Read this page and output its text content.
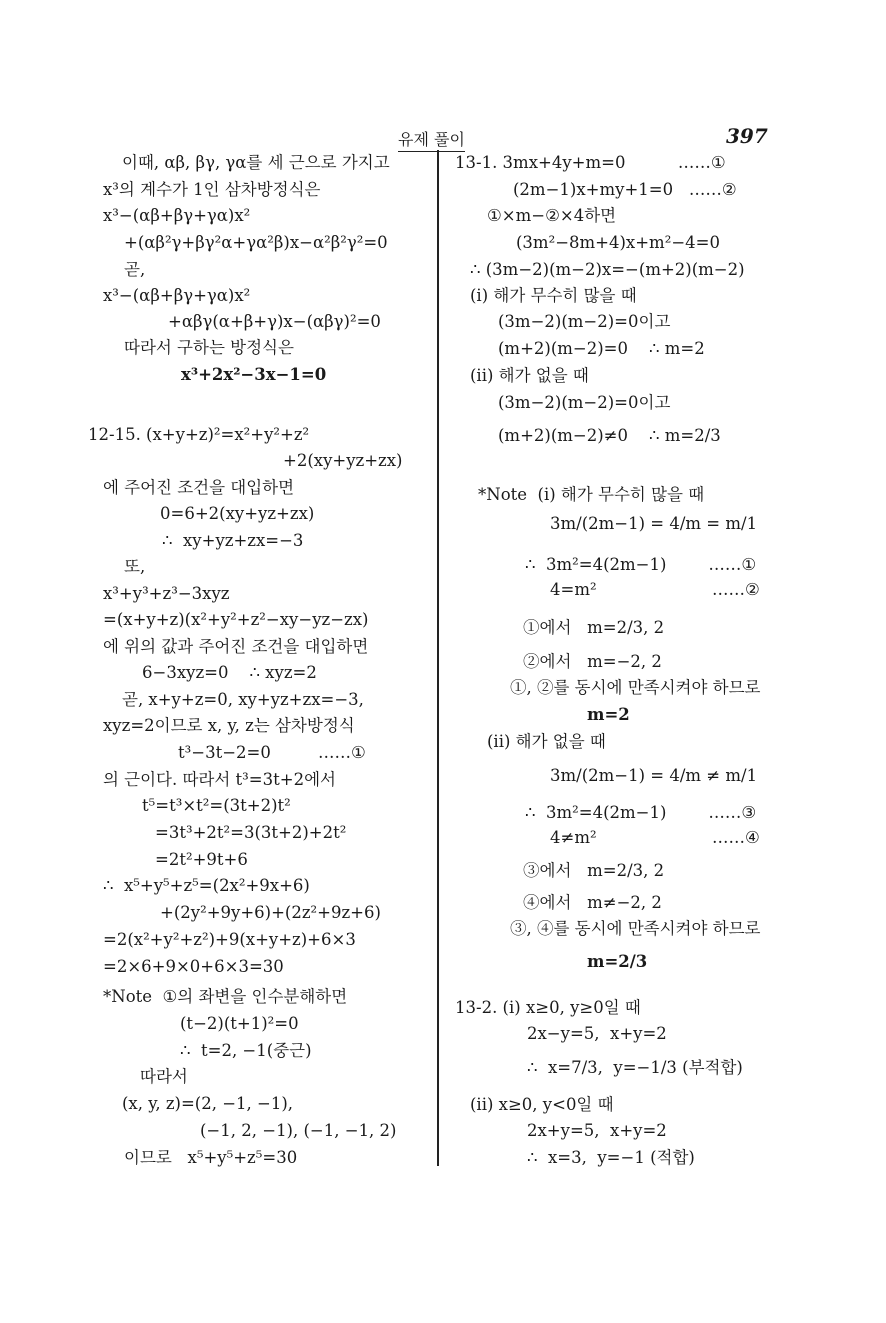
유제 풀이	397
이때, αβ, βγ, γα를 세 근으로 가지고
x³의 계수가 1인 삼차방정식은
x³−(αβ+βγ+γα)x²
+(αβ²γ+βγ²α+γα²β)x−α²β²γ²=0
곧,
x³−(αβ+βγ+γα)x²
+αβγ(α+β+γ)x−(αβγ)²=0
따라서 구하는 방정식은
x³+2x²−3x−1=0
12-15. (x+y+z)²=x²+y²+z²
+2(xy+yz+zx)
에 주어진 조건을 대입하면
0=6+2(xy+yz+zx)
∴  xy+yz+zx=−3
또,
x³+y³+z³−3xyz
=(x+y+z)(x²+y²+z²−xy−yz−zx)
에 위의 값과 주어진 조건을 대입하면
6−3xyz=0    ∴ xyz=2
곧, x+y+z=0, xy+yz+zx=−3,
xyz=2이므로 x, y, z는 삼차방정식
t³−3t−2=0         ……①
의 근이다. 따라서 t³=3t+2에서
t⁵=t³×t²=(3t+2)t²
=3t³+2t²=3(3t+2)+2t²
=2t²+9t+6
∴  x⁵+y⁵+z⁵=(2x²+9x+6)
+(2y²+9y+6)+(2z²+9z+6)
=2(x²+y²+z²)+9(x+y+z)+6×3
=2×6+9×0+6×3=30
*Note  ①의 좌변을 인수분해하면
(t−2)(t+1)²=0
∴  t=2, −1(중근)
따라서
(x, y, z)=(2, −1, −1),
(−1, 2, −1), (−1, −1, 2)
이므로   x⁵+y⁵+z⁵=30
13-1. 3mx+4y+m=0          ……①
(2m−1)x+my+1=0   ……②
①×m−②×4하면
(3m²−8m+4)x+m²−4=0
∴ (3m−2)(m−2)x=−(m+2)(m−2)
(i) 해가 무수히 많을 때
(3m−2)(m−2)=0이고
(m+2)(m−2)=0    ∴ m=2
(ii) 해가 없을 때
(3m−2)(m−2)=0이고
(m+2)(m−2)≠0    ∴ m=2/3
*Note  (i) 해가 무수히 많을 때
3m/(2m−1) = 4/m = m/1
∴  3m²=4(2m−1)        ……①
4=m²                      ……②
①에서   m=2/3, 2
②에서   m=−2, 2
①, ②를 동시에 만족시켜야 하므로
m=2
(ii) 해가 없을 때
3m/(2m−1) = 4/m ≠ m/1
∴  3m²=4(2m−1)        ……③
4≠m²                      ……④
③에서   m=2/3, 2
④에서   m≠−2, 2
③, ④를 동시에 만족시켜야 하므로
m=2/3
13-2. (i) x≥0, y≥0일 때
2x−y=5,  x+y=2
∴  x=7/3,  y=−1/3 (부적합)
(ii) x≥0, y<0일 때
2x+y=5,  x+y=2
∴  x=3,  y=−1 (적합)
